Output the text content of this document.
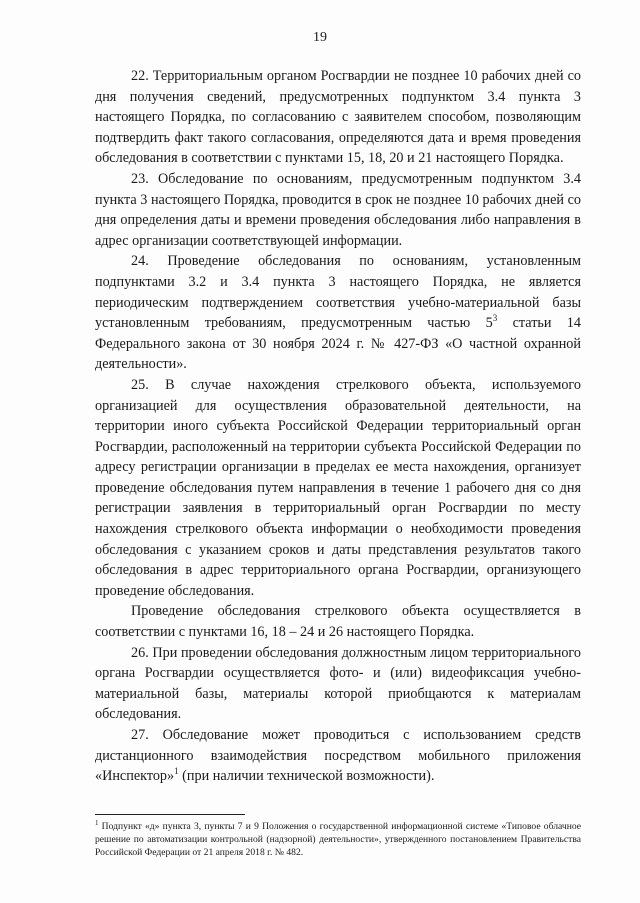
19

22. Территориальным органом Росгвардии не позднее 10 рабочих дней со дня получения сведений, предусмотренных подпунктом 3.4 пункта 3 настоящего Порядка, по согласованию с заявителем способом, позволяющим подтвердить факт такого согласования, определяются дата и время проведения обследования в соответствии с пунктами 15, 18, 20 и 21 настоящего Порядка.

23. Обследование по основаниям, предусмотренным подпунктом 3.4 пункта 3 настоящего Порядка, проводится в срок не позднее 10 рабочих дней со дня определения даты и времени проведения обследования либо направления в адрес организации соответствующей информации.

24. Проведение обследования по основаниям, установленным подпунктами 3.2 и 3.4 пункта 3 настоящего Порядка, не является периодическим подтверждением соответствия учебно-материальной базы установленным требованиям, предусмотренным частью $5^3$ статьи 14 Федерального закона от 30 ноября 2024 г. № 427-ФЗ «О частной охранной деятельности».

25. В случае нахождения стрелкового объекта, используемого организацией для осуществления образовательной деятельности, на территории иного субъекта Российской Федерации территориальный орган Росгвардии, расположенный на территории субъекта Российской Федерации по адресу регистрации организации в пределах ее места нахождения, организует проведение обследования путем направления в течение 1 рабочего дня со дня регистрации заявления в территориальный орган Росгвардии по месту нахождения стрелкового объекта информации о необходимости проведения обследования с указанием сроков и даты представления результатов такого обследования в адрес территориального органа Росгвардии, организующего проведение обследования.

Проведение обследования стрелкового объекта осуществляется в соответствии с пунктами 16, 18 – 24 и 26 настоящего Порядка.

26. При проведении обследования должностным лицом территориального органа Росгвардии осуществляется фото- и (или) видеофиксация учебно-материальной базы, материалы которой приобщаются к материалам обследования.

27. Обследование может проводиться с использованием средств дистанционного взаимодействия посредством мобильного приложения «Инспектор»$^1$ (при наличии технической возможности).

$^1$ Подпункт «д» пункта 3, пункты 7 и 9 Положения о государственной информационной системе «Типовое облачное решение по автоматизации контрольной (надзорной) деятельности», утвержденного постановлением Правительства Российской Федерации от 21 апреля 2018 г. № 482.
